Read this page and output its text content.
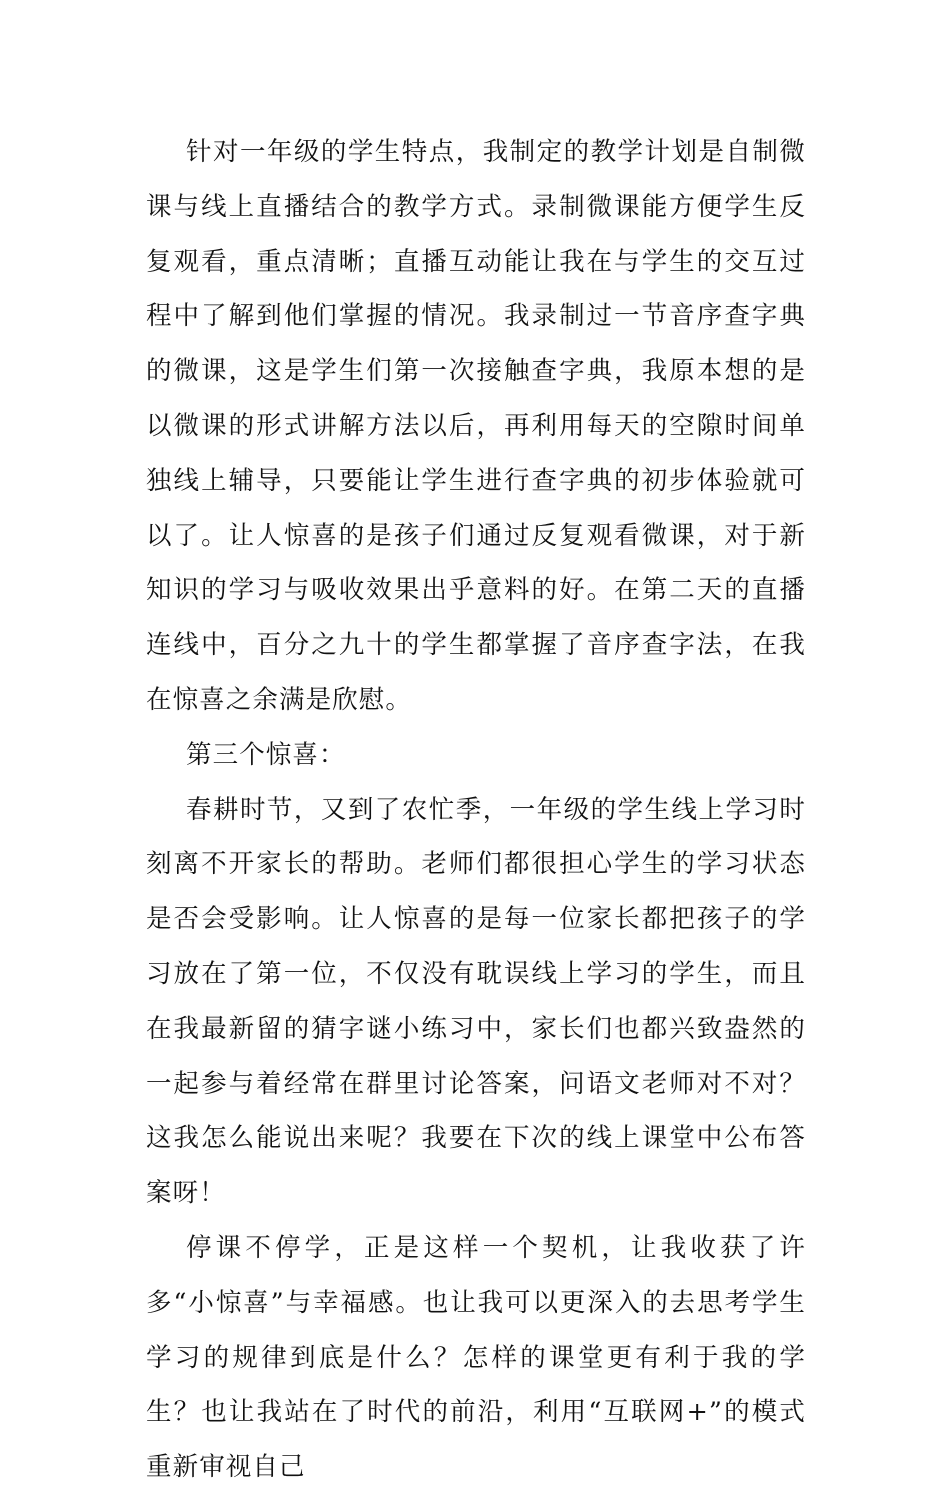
针对一年级的学生特点，我制定的教学计划是自制微课与线上直播结合的教学方式。录制微课能方便学生反复观看，重点清晰；直播互动能让我在与学生的交互过程中了解到他们掌握的情况。我录制过一节音序查字典的微课，这是学生们第一次接触查字典，我原本想的是以微课的形式讲解方法以后，再利用每天的空隙时间单独线上辅导，只要能让学生进行查字典的初步体验就可以了。让人惊喜的是孩子们通过反复观看微课，对于新知识的学习与吸收效果出乎意料的好。在第二天的直播连线中，百分之九十的学生都掌握了音序查字法，在我在惊喜之余满是欣慰。

第三个惊喜：

春耕时节，又到了农忙季，一年级的学生线上学习时刻离不开家长的帮助。老师们都很担心学生的学习状态是否会受影响。让人惊喜的是每一位家长都把孩子的学习放在了第一位，不仅没有耽误线上学习的学生，而且在我最新留的猜字谜小练习中，家长们也都兴致盎然的一起参与着经常在群里讨论答案，问语文老师对不对？这我怎么能说出来呢？我要在下次的线上课堂中公布答案呀！

停课不停学，正是这样一个契机，让我收获了许多“小惊喜”与幸福感。也让我可以更深入的去思考学生学习的规律到底是什么？怎样的课堂更有利于我的学生？也让我站在了时代的前沿，利用“互联网+”的模式重新审视自己
